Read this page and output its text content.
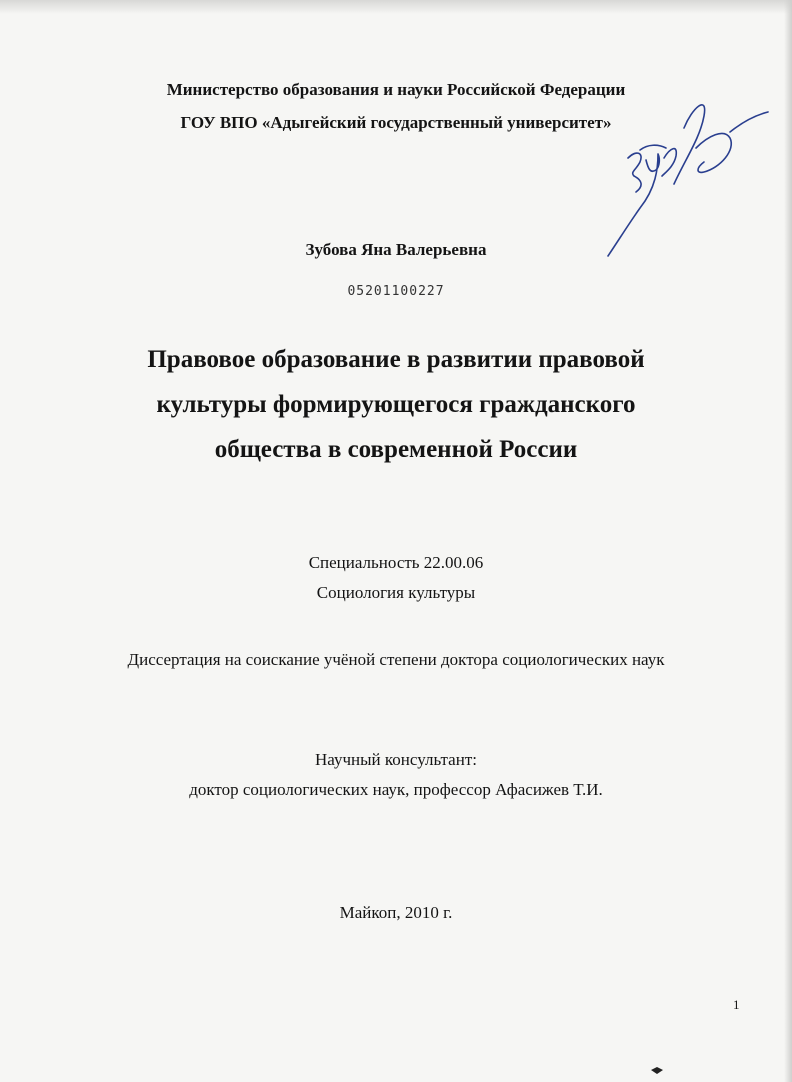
Министерство образования и науки Российской Федерации
ГОУ ВПО «Адыгейский государственный университет»
Зубова Яна Валерьевна
05201100227
Правовое образование в развитии правовой
культуры формирующегося гражданского
общества в современной России
Специальность 22.00.06
Социология культуры
Диссертация на соискание учёной степени доктора социологических наук
Научный консультант:
доктор социологических наук, профессор Афасижев Т.И.
Майкоп, 2010 г.
1
